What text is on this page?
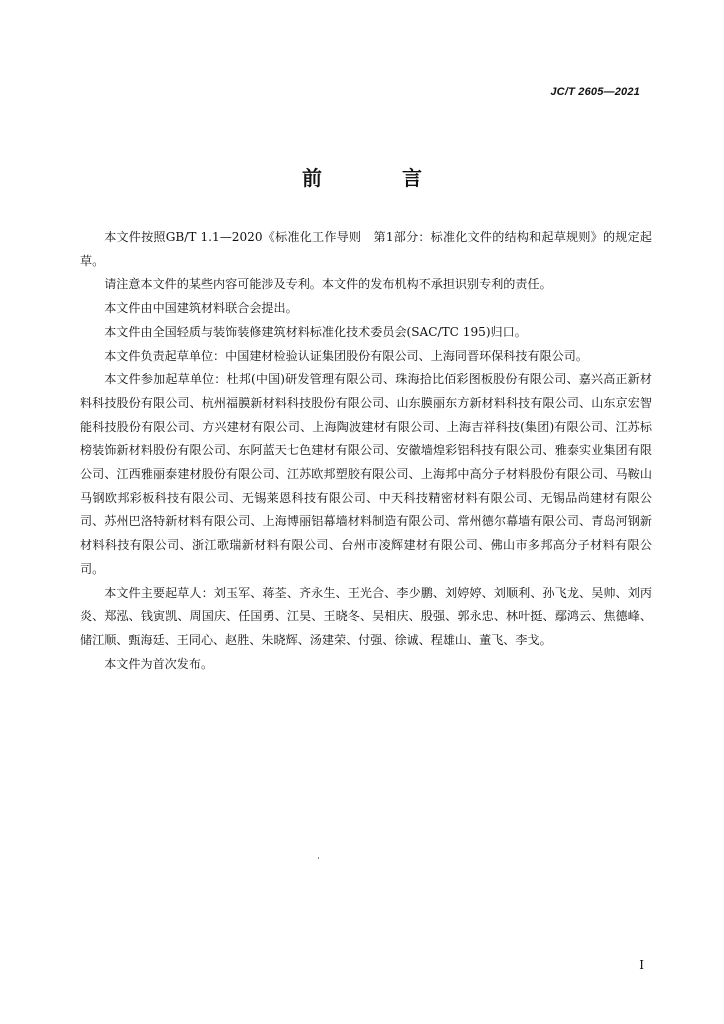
JC/T 2605—2021
前　言

本文件按照GB/T 1.1—2020《标准化工作导则　第1部分：标准化文件的结构和起草规则》的规定起草。

请注意本文件的某些内容可能涉及专利。本文件的发布机构不承担识别专利的责任。

本文件由中国建筑材料联合会提出。

本文件由全国轻质与装饰装修建筑材料标准化技术委员会(SAC/TC 195)归口。

本文件负责起草单位：中国建材检验认证集团股份有限公司、上海同晋环保科技有限公司。

本文件参加起草单位：杜邦(中国)研发管理有限公司、珠海拾比佰彩图板股份有限公司、嘉兴高正新材料科技股份有限公司、杭州福膜新材料科技股份有限公司、山东膜丽东方新材料科技有限公司、山东京宏智能科技股份有限公司、方兴建材有限公司、上海陶波建材有限公司、上海吉祥科技(集团)有限公司、江苏标榜装饰新材料股份有限公司、东阿蓝天七色建材有限公司、安徽墙煌彩铝科技有限公司、雅泰实业集团有限公司、江西雅丽泰建材股份有限公司、江苏欧邦塑胶有限公司、上海邦中高分子材料股份有限公司、马鞍山马钢欧邦彩板科技有限公司、无锡莱恩科技有限公司、中天科技精密材料有限公司、无锡品尚建材有限公司、苏州巴洛特新材料有限公司、上海博丽铝幕墙材料制造有限公司、常州德尔幕墙有限公司、青岛河钢新材料科技有限公司、浙江歌瑞新材料有限公司、台州市凌辉建材有限公司、佛山市多邦高分子材料有限公司。

本文件主要起草人：刘玉军、蒋荃、齐永生、王光合、李少鹏、刘婷婷、刘顺利、孙飞龙、吴帅、刘丙炎、郑泓、钱寅凯、周国庆、任国勇、江昊、王晓冬、吴相庆、殷强、郭永忠、林叶挺、鄢鸿云、焦德峰、储江顺、甄海廷、王同心、赵胜、朱晓辉、汤建荣、付强、徐诚、程雄山、董飞、李戈。

本文件为首次发布。

I
